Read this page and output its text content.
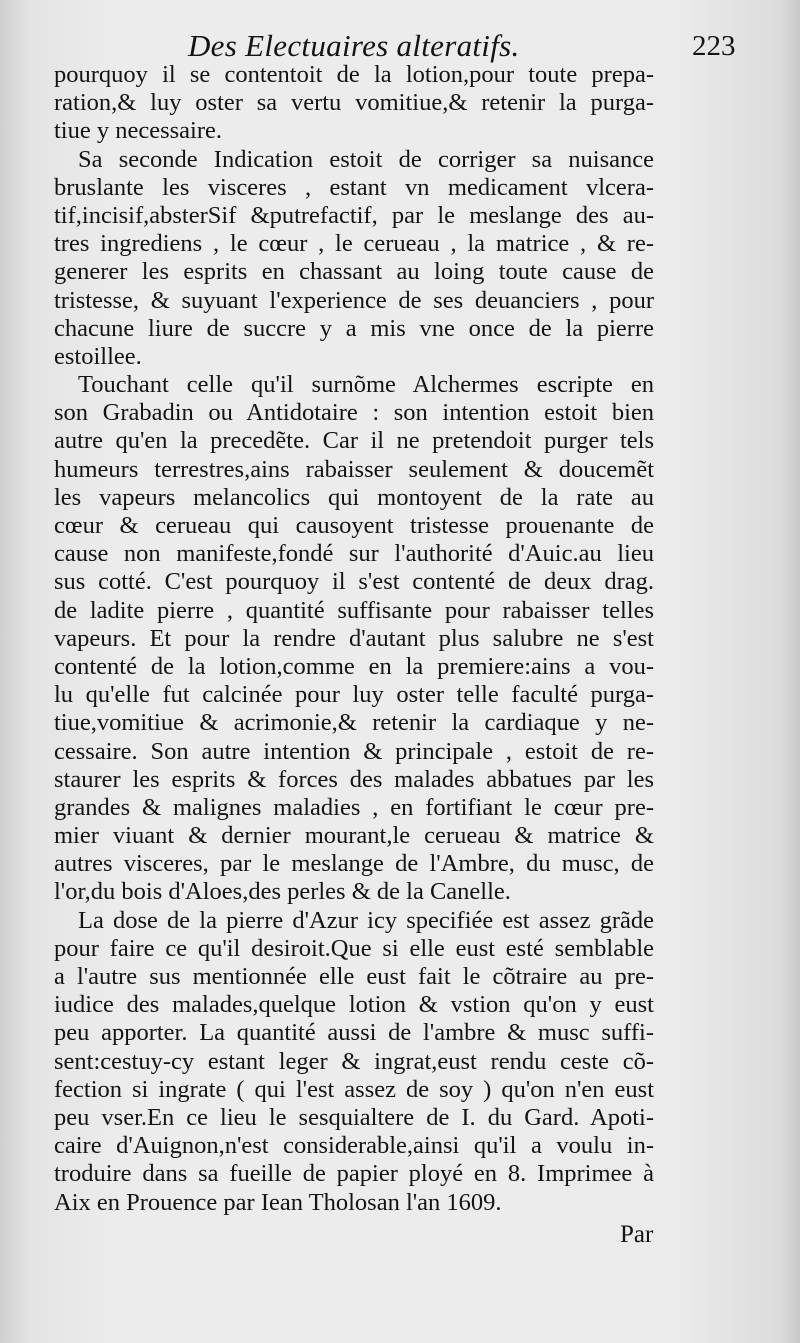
Des Electuaires alteratifs.	223
pourquoy il se contentoit de la lotion,pour toute prepa-
ration,& luy oster sa vertu vomitiue,& retenir la purga-
tiue y necessaire.
Sa seconde Indication estoit de corriger sa nuisance
bruslante les visceres , estant vn medicament vlcera-
tif,incisif,absterSif &putrefactif, par le meslange des au-
tres ingrediens , le cœur , le cerueau , la matrice , & re-
generer les esprits en chassant au loing toute cause de
tristesse, & suyuant l'experience de ses deuanciers , pour
chacune liure de succre y a mis vne once de la pierre
estoillee.
Touchant celle qu'il surnõme Alchermes escripte en
son Grabadin ou Antidotaire : son intention estoit bien
autre qu'en la precedẽte. Car il ne pretendoit purger tels
humeurs terrestres,ains rabaisser seulement & doucemẽt
les vapeurs melancolics qui montoyent de la rate au
cœur & cerueau qui causoyent tristesse prouenante de
cause non manifeste,fondé sur l'authorité d'Auic.au lieu
sus cotté. C'est pourquoy il s'est contenté de deux drag.
de ladite pierre , quantité suffisante pour rabaisser telles
vapeurs. Et pour la rendre d'autant plus salubre ne s'est
contenté de la lotion,comme en la premiere:ains a vou-
lu qu'elle fut calcinée pour luy oster telle faculté purga-
tiue,vomitiue & acrimonie,& retenir la cardiaque y ne-
cessaire. Son autre intention & principale , estoit de re-
staurer les esprits & forces des malades abbatues par les
grandes & malignes maladies , en fortifiant le cœur pre-
mier viuant & dernier mourant,le cerueau & matrice &
autres visceres, par le meslange de l'Ambre, du musc, de
l'or,du bois d'Aloes,des perles & de la Canelle.
La dose de la pierre d'Azur icy specifiée est assez grãde
pour faire ce qu'il desiroit.Que si elle eust esté semblable
a l'autre sus mentionnée elle eust fait le cõtraire au pre-
iudice des malades,quelque lotion & vstion qu'on y eust
peu apporter. La quantité aussi de l'ambre & musc suffi-
sent:cestuy-cy estant leger & ingrat,eust rendu ceste cõ-
fection si ingrate ( qui l'est assez de soy ) qu'on n'en eust
peu vser.En ce lieu le sesquialtere de I. du Gard. Apoti-
caire d'Auignon,n'est considerable,ainsi qu'il a voulu in-
troduire dans sa fueille de papier ployé en 8. Imprimee à
Aix en Prouence par Iean Tholosan l'an 1609.
Par
